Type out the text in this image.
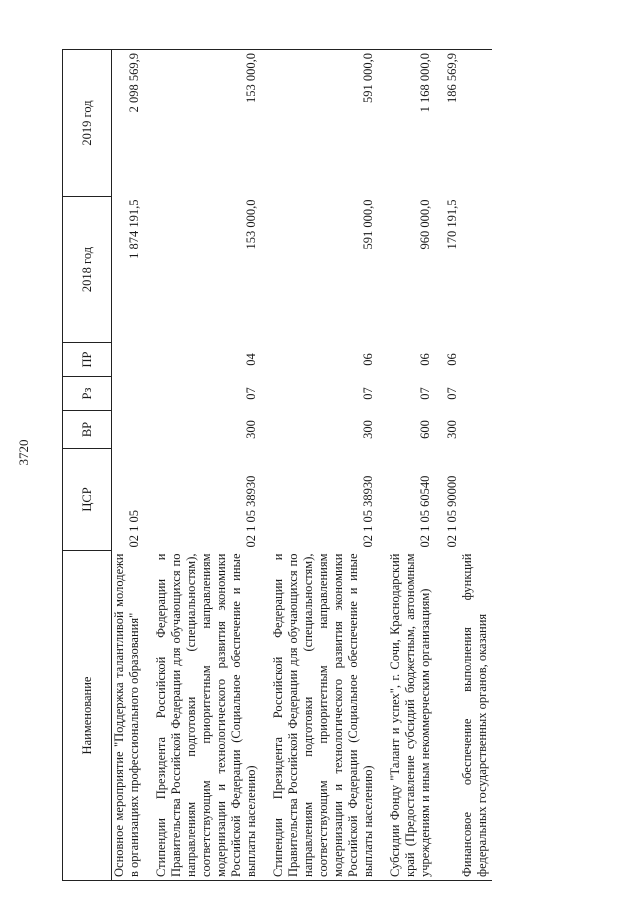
3720
Наименование	ЦСР	ВР	Рз	ПР	2018 год	2019 год
Основное мероприятие "Поддержка талантливой молодежи в организациях профессионального образования"	02 1 05				1 874 191,5	2 098 569,9
Стипендии Президента Российской Федерации и Правительства Российской Федерации для обучающихся по направлениям подготовки (специальностям), соответствующим приоритетным направлениям модернизации и технологического развития экономики Российской Федерации (Социальное обеспечение и иные выплаты населению)	02 1 05 38930	300	07	04	153 000,0	153 000,0
Стипендии Президента Российской Федерации и Правительства Российской Федерации для обучающихся по направлениям подготовки (специальностям), соответствующим приоритетным направлениям модернизации и технологического развития экономики Российской Федерации (Социальное обеспечение и иные выплаты населению)	02 1 05 38930	300	07	06	591 000,0	591 000,0
Субсидии Фонду "Талант и успех", г. Сочи, Краснодарский край (Предоставление субсидий бюджетным, автономным учреждениям и иным некоммерческим организациям)	02 1 05 60540	600	07	06	960 000,0	1 168 000,0
Финансовое обеспечение выполнения функций федеральных государственных органов, оказания	02 1 05 90000	300	07	06	170 191,5	186 569,9
